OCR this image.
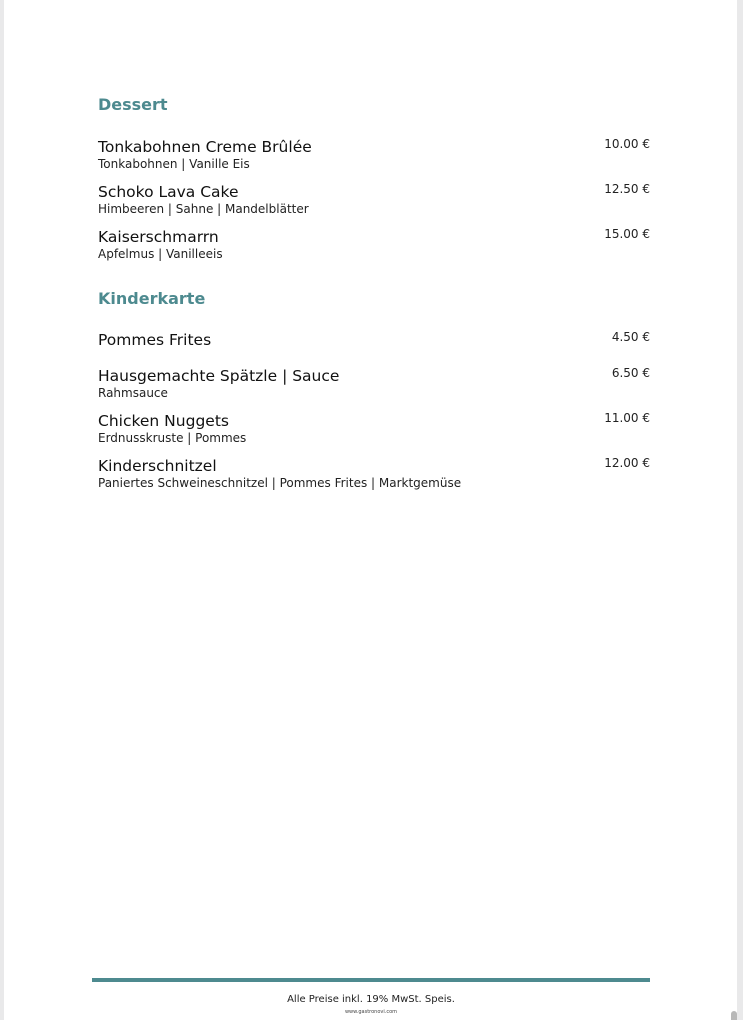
Dessert
Tonkabohnen Creme Brûlée
Tonkabohnen | Vanille Eis
10.00 €
Schoko Lava Cake
Himbeeren | Sahne | Mandelblätter
12.50 €
Kaiserschmarrn
Apfelmus | Vanilleeis
15.00 €
Kinderkarte
Pommes Frites	4.50 €
Hausgemachte Spätzle | Sauce
Rahmsauce
6.50 €
Chicken Nuggets
Erdnusskruste | Pommes
11.00 €
Kinderschnitzel
Paniertes Schweineschnitzel | Pommes Frites | Marktgemüse
12.00 €
Alle Preise inkl. 19% MwSt. Speis.
www.gastronovi.com
